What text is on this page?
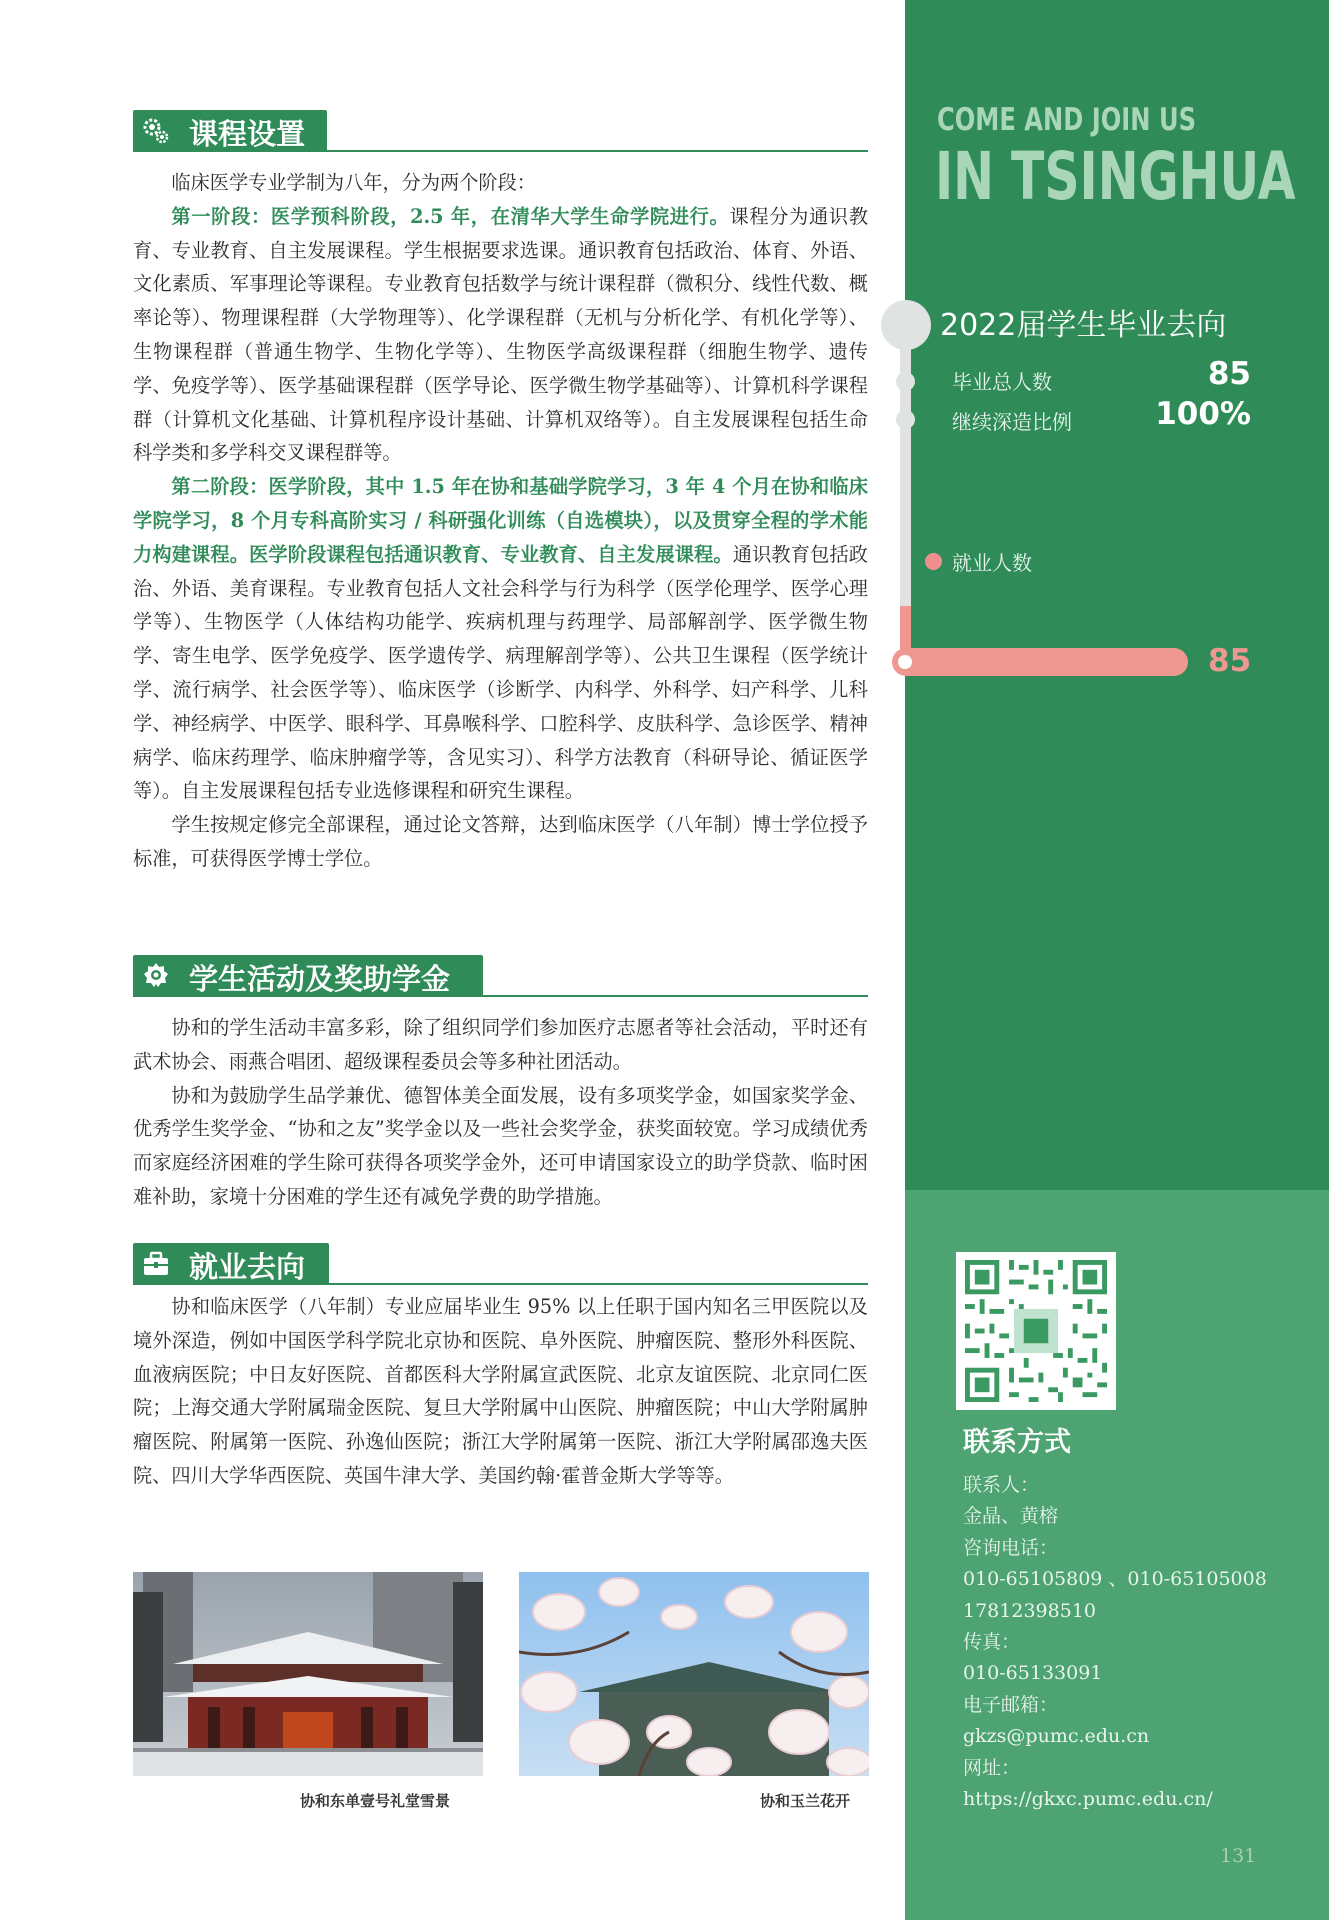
COME AND JOIN US
IN TSINGHUA
2022届学生毕业去向
毕业总人数	85
继续深造比例	100%
就业人数
85
联系方式
联系人：
金晶、黄榕
咨询电话：
010-65105809 、010-65105008
17812398510
传真：
010-65133091
电子邮箱：
gkzs@pumc.edu.cn
网址：
https://gkxc.pumc.edu.cn/
131
课程设置

临床医学专业学制为八年，分为两个阶段：

第一阶段：医学预科阶段，2.5 年，在清华大学生命学院进行。课程分为通识教育、专业教育、自主发展课程。学生根据要求选课。通识教育包括政治、体育、外语、文化素质、军事理论等课程。专业教育包括数学与统计课程群（微积分、线性代数、概率论等）、物理课程群（大学物理等）、化学课程群（无机与分析化学、有机化学等）、生物课程群（普通生物学、生物化学等）、生物医学高级课程群（细胞生物学、遗传学、免疫学等）、医学基础课程群（医学导论、医学微生物学基础等）、计算机科学课程群（计算机文化基础、计算机程序设计基础、计算机双络等）。自主发展课程包括生命科学类和多学科交叉课程群等。

第二阶段：医学阶段，其中 1.5 年在协和基础学院学习，3 年 4 个月在协和临床学院学习，8 个月专科高阶实习 / 科研强化训练（自选模块），以及贯穿全程的学术能力构建课程。医学阶段课程包括通识教育、专业教育、自主发展课程。通识教育包括政治、外语、美育课程。专业教育包括人文社会科学与行为科学（医学伦理学、医学心理学等）、生物医学（人体结构功能学、疾病机理与药理学、局部解剖学、医学微生物学、寄生电学、医学免疫学、医学遗传学、病理解剖学等）、公共卫生课程（医学统计学、流行病学、社会医学等）、临床医学（诊断学、内科学、外科学、妇产科学、儿科学、神经病学、中医学、眼科学、耳鼻喉科学、口腔科学、皮肤科学、急诊医学、精神病学、临床药理学、临床肿瘤学等，含见实习）、科学方法教育（科研导论、循证医学等）。自主发展课程包括专业选修课程和研究生课程。

学生按规定修完全部课程，通过论文答辩，达到临床医学（八年制）博士学位授予标准，可获得医学博士学位。

学生活动及奖助学金

协和的学生活动丰富多彩，除了组织同学们参加医疗志愿者等社会活动，平时还有武术协会、雨燕合唱团、超级课程委员会等多种社团活动。

协和为鼓励学生品学兼优、德智体美全面发展，设有多项奖学金，如国家奖学金、优秀学生奖学金、“协和之友”奖学金以及一些社会奖学金，获奖面较宽。学习成绩优秀而家庭经济困难的学生除可获得各项奖学金外，还可申请国家设立的助学贷款、临时困难补助，家境十分困难的学生还有减免学费的助学措施。

就业去向

协和临床医学（八年制）专业应届毕业生 95% 以上任职于国内知名三甲医院以及境外深造，例如中国医学科学院北京协和医院、阜外医院、肿瘤医院、整形外科医院、血液病医院；中日友好医院、首都医科大学附属宣武医院、北京友谊医院、北京同仁医院；上海交通大学附属瑞金医院、复旦大学附属中山医院、肿瘤医院；中山大学附属肿瘤医院、附属第一医院、孙逸仙医院；浙江大学附属第一医院、浙江大学附属邵逸夫医院、四川大学华西医院、英国牛津大学、美国约翰·霍普金斯大学等等。

协和东单壹号礼堂雪景	协和玉兰花开
